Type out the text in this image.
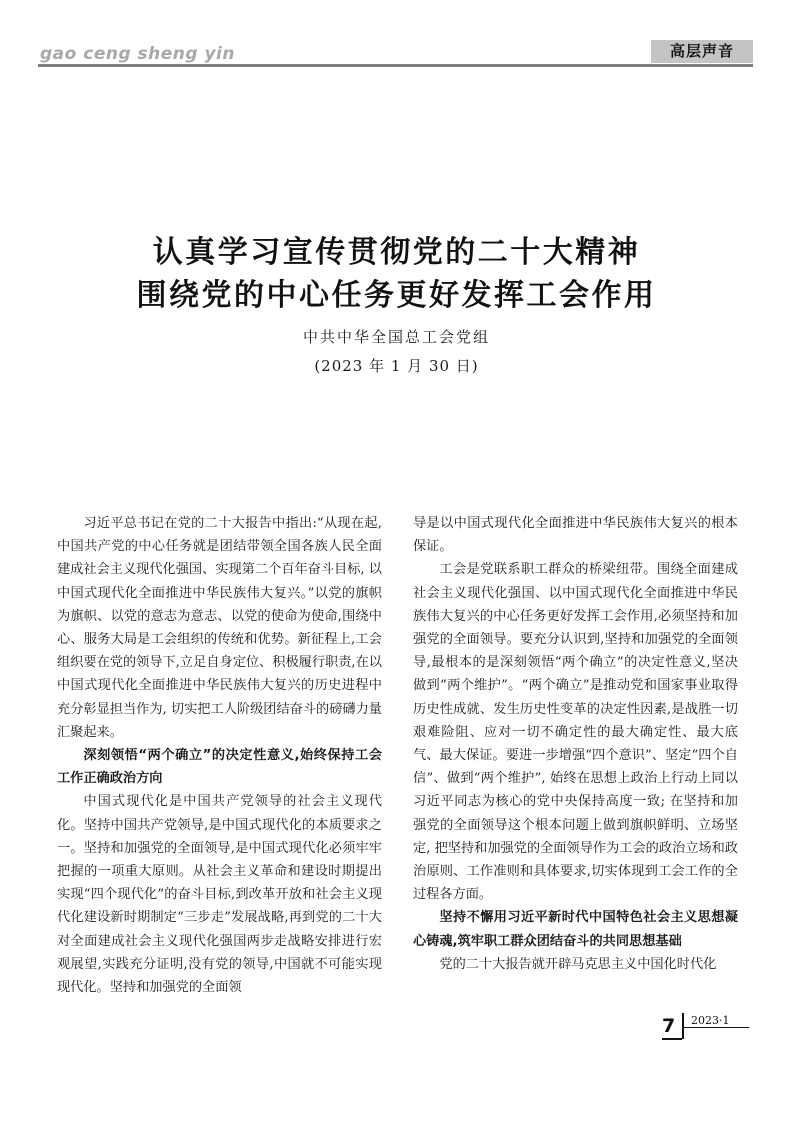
gao ceng sheng yin	高层声音
认真学习宣传贯彻党的二十大精神
围绕党的中心任务更好发挥工会作用
中共中华全国总工会党组
(2023 年 1 月 30 日)

习近平总书记在党的二十大报告中指出:“从现在起, 中国共产党的中心任务就是团结带领全国各族人民全面建成社会主义现代化强国、实现第二个百年奋斗目标, 以中国式现代化全面推进中华民族伟大复兴。”以党的旗帜为旗帜、以党的意志为意志、以党的使命为使命,围绕中心、服务大局是工会组织的传统和优势。新征程上,工会组织要在党的领导下,立足自身定位、积极履行职责,在以中国式现代化全面推进中华民族伟大复兴的历史进程中充分彰显担当作为, 切实把工人阶级团结奋斗的磅礴力量汇聚起来。

深刻领悟“两个确立”的决定性意义,始终保持工会工作正确政治方向

中国式现代化是中国共产党领导的社会主义现代化。坚持中国共产党领导,是中国式现代化的本质要求之一。坚持和加强党的全面领导,是中国式现代化必须牢牢把握的一项重大原则。从社会主义革命和建设时期提出实现“四个现代化”的奋斗目标,到改革开放和社会主义现代化建设新时期制定“三步走”发展战略,再到党的二十大对全面建成社会主义现代化强国两步走战略安排进行宏观展望,实践充分证明,没有党的领导,中国就不可能实现现代化。坚持和加强党的全面领

导是以中国式现代化全面推进中华民族伟大复兴的根本保证。

工会是党联系职工群众的桥梁纽带。围绕全面建成社会主义现代化强国、以中国式现代化全面推进中华民族伟大复兴的中心任务更好发挥工会作用,必须坚持和加强党的全面领导。要充分认识到,坚持和加强党的全面领导,最根本的是深刻领悟“两个确立”的决定性意义,坚决做到“两个维护”。“两个确立”是推动党和国家事业取得历史性成就、发生历史性变革的决定性因素,是战胜一切艰难险阻、应对一切不确定性的最大确定性、最大底气、最大保证。要进一步增强“四个意识”、坚定“四个自信”、做到“两个维护”, 始终在思想上政治上行动上同以习近平同志为核心的党中央保持高度一致; 在坚持和加强党的全面领导这个根本问题上做到旗帜鲜明、立场坚定, 把坚持和加强党的全面领导作为工会的政治立场和政治原则、工作准则和具体要求,切实体现到工会工作的全过程各方面。

坚持不懈用习近平新时代中国特色社会主义思想凝心铸魂,筑牢职工群众团结奋斗的共同思想基础

党的二十大报告就开辟马克思主义中国化时代化

7 2023·1
